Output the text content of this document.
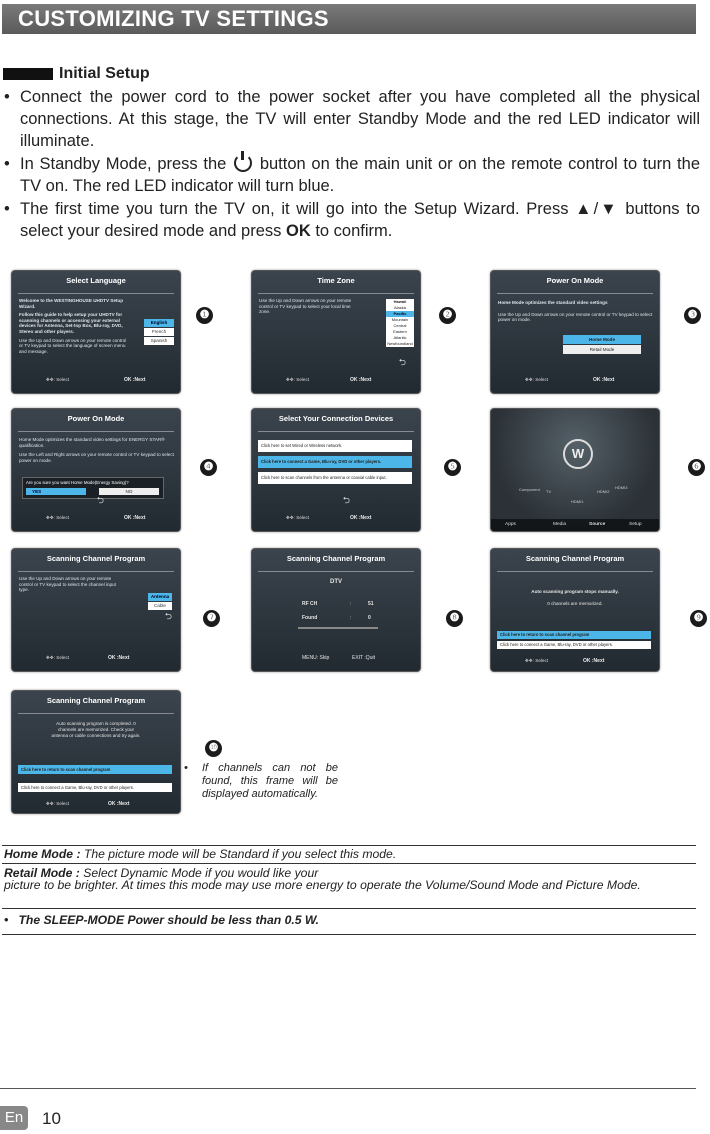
CUSTOMIZING TV SETTINGS
Initial Setup
• Connect the power cord to the power socket after you have completed all the physical connections. At this stage, the TV will enter Standby Mode and the red LED indicator will illuminate.
• In Standby Mode, press the button on the main unit or on the remote control to turn the TV on. The red LED indicator will turn blue.
• The first time you turn the TV on, it will go into the Setup Wizard. Press ▲/▼ buttons to select your desired mode and press OK to confirm.
Select Language
Welcome to the WESTINGHOUSE UHDTV Setup Wizard.
Follow this guide to help setup your UHDTV for scanning channels or accessing your external devices for Antenna, Set-top Box, Blu-ray, DVD, Stereo and other players.
Use the Up and Down arrows on your remote control or TV keypad to select the language of screen menu and message.
English
French
Spanish
✥✥: Select	OK :Next
Time Zone
Use the Up and Down arrows on your remote control or TV keypad to select your local time zone.
Hawaii
Alaska
Pacific
Mountain
Central
Eastern
Atlantic
Newfoundland
⮌
✥✥: Select	OK :Next
Power On Mode
Home Mode optimizes the standard video settings
Use the Up and Down arrows on your remote control or TV keypad to select power on mode.
Home Mode
Retail Mode
✥✥: Select	OK :Next
Power On Mode
Home Mode optimizes the standard video settings for ENERGY STAR® qualification.
Use the Left and Right arrows on your remote control or TV keypad to select power on mode.
Are you sure you want Home Mode(Energy Saving)?
YES	NO
⮌
✥✥: Select	OK :Next
Select Your Connection Devices
Click here to set Wired or Wireless network.
Click here to connect a Game, Blu-ray, DVD or other players.
Click here to scan channels from the antenna or coaxial cable input.
⮌
✥✥: Select	OK :Next
W
Component TV
HDMI1
HDMI2
HDMI3
Apps	Media	Source	Setup
Scanning Channel Program
Use the Up and Down arrows on your remote control or TV keypad to select the channel input type.
Antenna
Cable
⮌
✥✥: Select	OK :Next
Scanning Channel Program
DTV
RF CH	:	51
Found	:	0
MENU: Skip	EXIT :Quit
Scanning Channel Program
Auto scanning program stops manually.
0 channels are memorized.
Click here to return to scan channel program
Click here to connect a Game, Blu-ray, DVD or other players.
✥✥: Select	OK :Next
Scanning Channel Program
Auto scanning program is completed. 0 channels are memorized. Check your antenna or cable connections and try again.
Click here to return to scan channel program
Click here to connect a Game, Blu-ray, DVD or other players.
✥✥: Select	OK :Next
❶	❷	❸
❹	❺	❻
❼	❽	❾
❿
• If channels can not be found, this frame will be displayed automatically.
Home Mode : The picture mode will be Standard if you select this mode.
Retail Mode : Select Dynamic Mode if you would like your

picture to be brighter. At times this mode may use more energy to operate the Volume/Sound Mode and Picture Mode.
•   The SLEEP-MODE Power should be less than 0.5 W.
En 10
